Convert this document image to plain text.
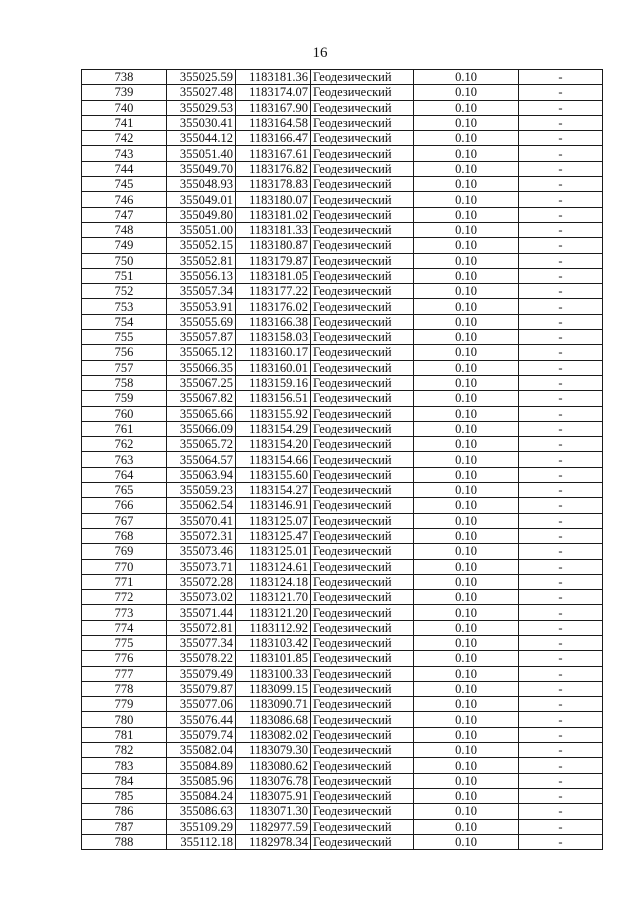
16
738	355025.59	1183181.36	Геодезический	0.10	-
739	355027.48	1183174.07	Геодезический	0.10	-
740	355029.53	1183167.90	Геодезический	0.10	-
741	355030.41	1183164.58	Геодезический	0.10	-
742	355044.12	1183166.47	Геодезический	0.10	-
743	355051.40	1183167.61	Геодезический	0.10	-
744	355049.70	1183176.82	Геодезический	0.10	-
745	355048.93	1183178.83	Геодезический	0.10	-
746	355049.01	1183180.07	Геодезический	0.10	-
747	355049.80	1183181.02	Геодезический	0.10	-
748	355051.00	1183181.33	Геодезический	0.10	-
749	355052.15	1183180.87	Геодезический	0.10	-
750	355052.81	1183179.87	Геодезический	0.10	-
751	355056.13	1183181.05	Геодезический	0.10	-
752	355057.34	1183177.22	Геодезический	0.10	-
753	355053.91	1183176.02	Геодезический	0.10	-
754	355055.69	1183166.38	Геодезический	0.10	-
755	355057.87	1183158.03	Геодезический	0.10	-
756	355065.12	1183160.17	Геодезический	0.10	-
757	355066.35	1183160.01	Геодезический	0.10	-
758	355067.25	1183159.16	Геодезический	0.10	-
759	355067.82	1183156.51	Геодезический	0.10	-
760	355065.66	1183155.92	Геодезический	0.10	-
761	355066.09	1183154.29	Геодезический	0.10	-
762	355065.72	1183154.20	Геодезический	0.10	-
763	355064.57	1183154.66	Геодезический	0.10	-
764	355063.94	1183155.60	Геодезический	0.10	-
765	355059.23	1183154.27	Геодезический	0.10	-
766	355062.54	1183146.91	Геодезический	0.10	-
767	355070.41	1183125.07	Геодезический	0.10	-
768	355072.31	1183125.47	Геодезический	0.10	-
769	355073.46	1183125.01	Геодезический	0.10	-
770	355073.71	1183124.61	Геодезический	0.10	-
771	355072.28	1183124.18	Геодезический	0.10	-
772	355073.02	1183121.70	Геодезический	0.10	-
773	355071.44	1183121.20	Геодезический	0.10	-
774	355072.81	1183112.92	Геодезический	0.10	-
775	355077.34	1183103.42	Геодезический	0.10	-
776	355078.22	1183101.85	Геодезический	0.10	-
777	355079.49	1183100.33	Геодезический	0.10	-
778	355079.87	1183099.15	Геодезический	0.10	-
779	355077.06	1183090.71	Геодезический	0.10	-
780	355076.44	1183086.68	Геодезический	0.10	-
781	355079.74	1183082.02	Геодезический	0.10	-
782	355082.04	1183079.30	Геодезический	0.10	-
783	355084.89	1183080.62	Геодезический	0.10	-
784	355085.96	1183076.78	Геодезический	0.10	-
785	355084.24	1183075.91	Геодезический	0.10	-
786	355086.63	1183071.30	Геодезический	0.10	-
787	355109.29	1182977.59	Геодезический	0.10	-
788	355112.18	1182978.34	Геодезический	0.10	-
